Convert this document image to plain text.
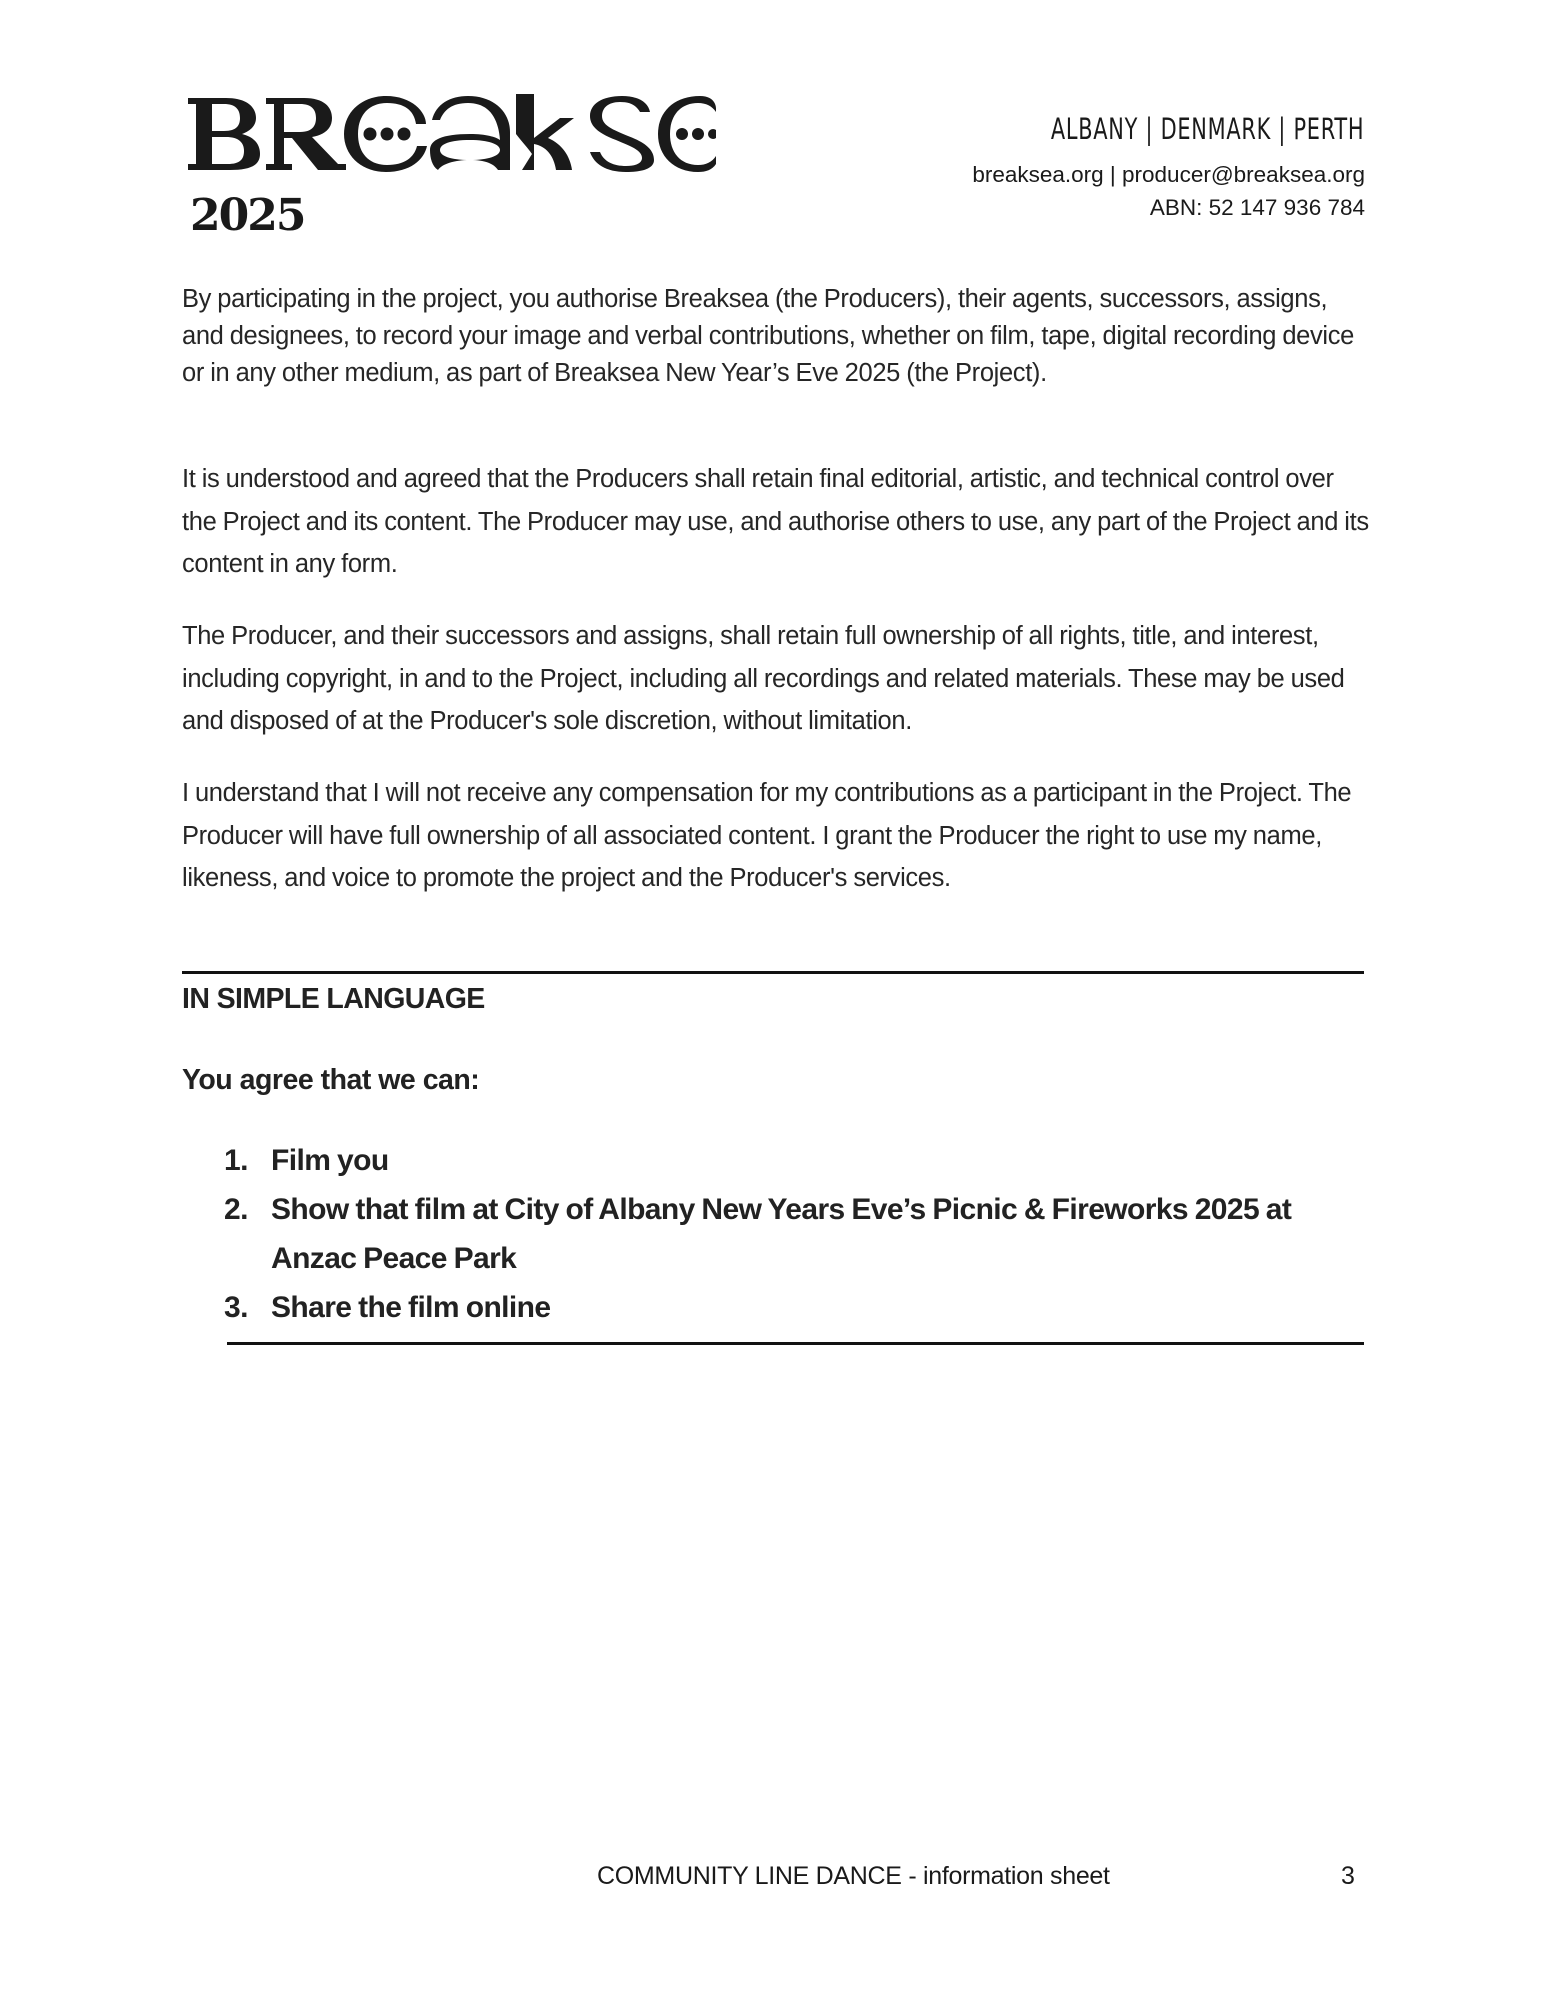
2025
ALBANY | DENMARK | PERTH
breaksea.org | producer@breaksea.org
ABN: 52 147 936 784

By participating in the project, you authorise Breaksea (the Producers), their agents, successors, assigns, and designees, to record your image and verbal contributions, whether on film, tape, digital recording device or in any other medium, as part of Breaksea New Year’s Eve 2025 (the Project).

It is understood and agreed that the Producers shall retain final editorial, artistic, and technical control over the Project and its content. The Producer may use, and authorise others to use, any part of the Project and its content in any form.

The Producer, and their successors and assigns, shall retain full ownership of all rights, title, and interest, including copyright, in and to the Project, including all recordings and related materials. These may be used and disposed of at the Producer's sole discretion, without limitation.

I understand that I will not receive any compensation for my contributions as a participant in the Project. The Producer will have full ownership of all associated content. I grant the Producer the right to use my name, likeness, and voice to promote the project and the Producer's services.

IN SIMPLE LANGUAGE
You agree that we can:
1. Film you
2. Show that film at City of Albany New Years Eve’s Picnic & Fireworks 2025 at Anzac Peace Park
3. Share the film online
COMMUNITY LINE DANCE - information sheet	3
